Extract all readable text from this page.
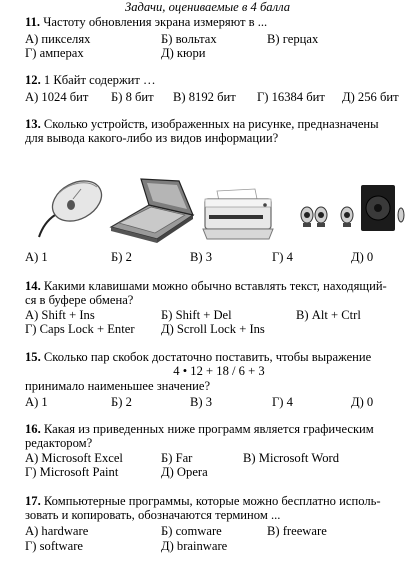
Задачи, оцениваемые в 4 балла
11. Частоту обновления экрана измеряют в ...
А) пикселях	Б) вольтах	В) герцах
Г) амперах	Д) кюри
12. 1 Кбайт содержит …
А) 1024 бит Б) 8 бит В) 8192 бит Г) 16384 бит Д) 256 бит
13. Сколько устройств, изображенных на рисунке, предназначены
для вывода какого-либо из видов информации?
А) 1	Б) 2	В) 3	Г) 4	Д) 0
14. Какими клавишами можно обычно вставлять текст, находящий-
ся в буфере обмена?
А) Shift + Ins	Б) Shift + Del	В) Alt + Ctrl
Г) Caps Lock + Enter Д) Scroll Lock + Ins
15. Сколько пар скобок достаточно поставить, чтобы выражение
4 • 12 + 18 / 6 + 3
принимало наименьшее значение?
А) 1	Б) 2	В) 3	Г) 4	Д) 0
16. Какая из приведенных ниже программ является графическим
редактором?
А) Microsoft Excel	Б) Far	В) Microsoft Word
Г) Microsoft Paint	Д) Opera
17. Компьютерные программы, которые можно бесплатно исполь-
зовать и копировать, обозначаются термином ...
А) hardware	Б) comware	В) freeware
Г) software	Д) brainware
